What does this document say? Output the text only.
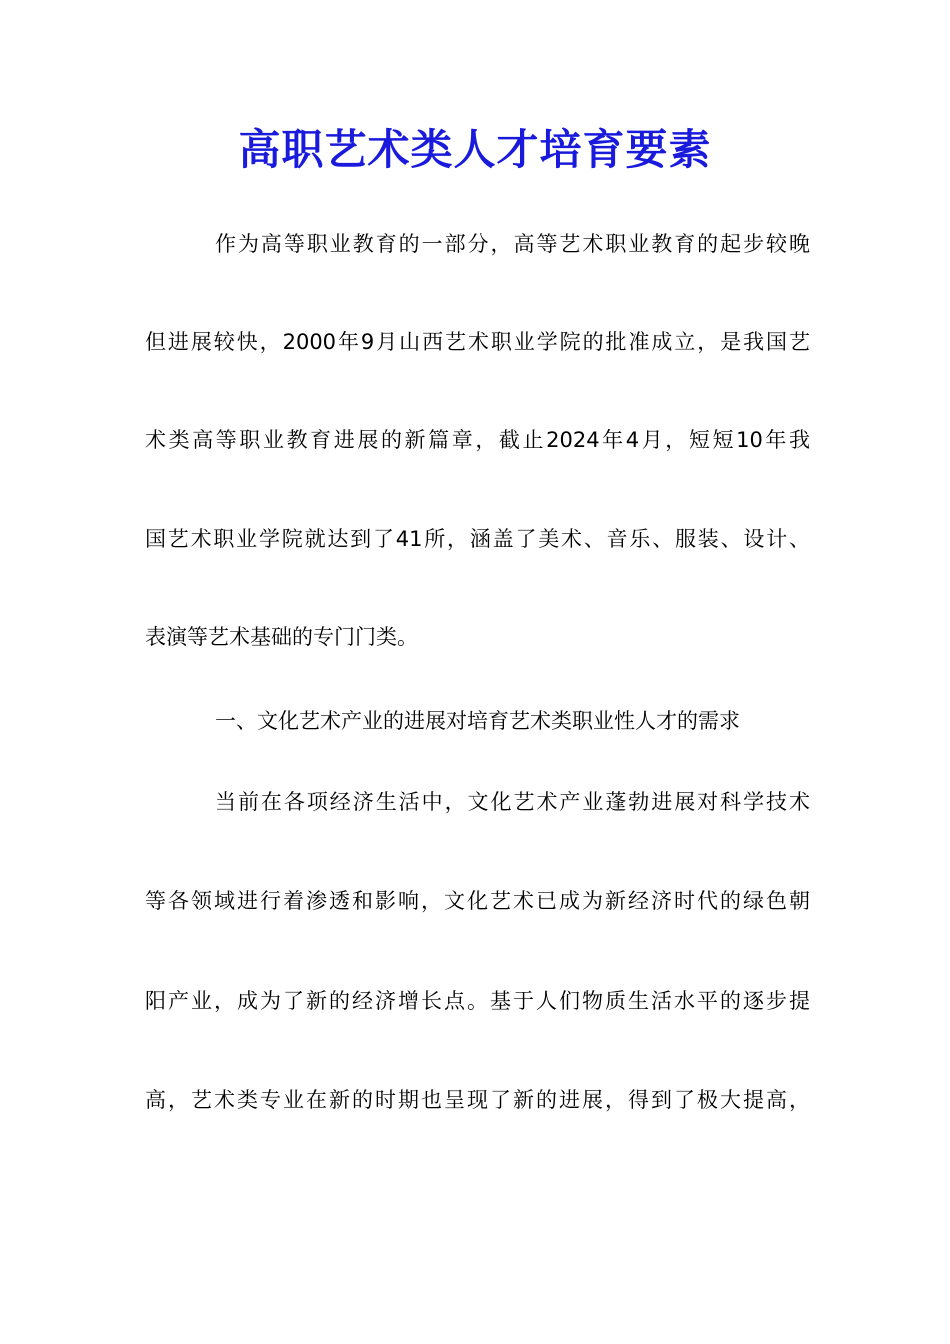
高职艺术类人才培育要素
作为高等职业教育的一部分，高等艺术职业教育的起步较晚
但进展较快，2000年9月山西艺术职业学院的批准成立，是我国艺
术类高等职业教育进展的新篇章，截止2024年4月，短短10年我
国艺术职业学院就达到了41所，涵盖了美术、音乐、服装、设计、
表演等艺术基础的专门门类。
一、文化艺术产业的进展对培育艺术类职业性人才的需求
当前在各项经济生活中，文化艺术产业蓬勃进展对科学技术
等各领域进行着渗透和影响，文化艺术已成为新经济时代的绿色朝
阳产业，成为了新的经济增长点。基于人们物质生活水平的逐步提
高，艺术类专业在新的时期也呈现了新的进展，得到了极大提高，
